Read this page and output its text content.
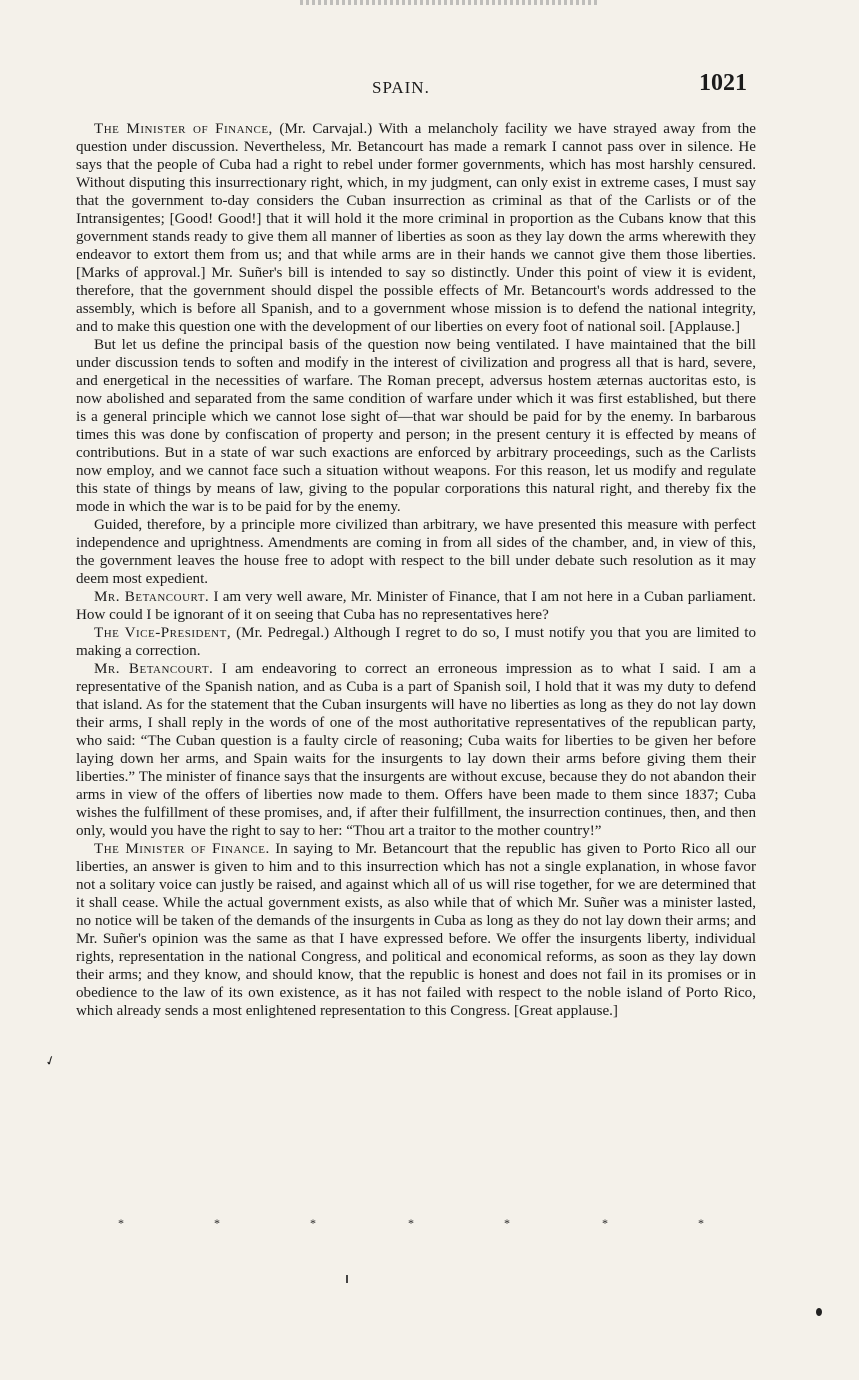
SPAIN.	1021

The Minister of Finance, (Mr. Carvajal.) With a melancholy facility we have strayed away from the question under discussion. Nevertheless, Mr. Betancourt has made a remark I cannot pass over in silence. He says that the people of Cuba had a right to rebel under former governments, which has most harshly censured. Without disputing this insurrectionary right, which, in my judgment, can only exist in extreme cases, I must say that the government to-day considers the Cuban insurrection as criminal as that of the Carlists or of the Intransigentes; [Good! Good!] that it will hold it the more criminal in proportion as the Cubans know that this government stands ready to give them all manner of liberties as soon as they lay down the arms wherewith they endeavor to extort them from us; and that while arms are in their hands we cannot give them those liberties. [Marks of approval.] Mr. Suñer's bill is intended to say so distinctly. Under this point of view it is evident, therefore, that the government should dispel the possible effects of Mr. Betancourt's words addressed to the assembly, which is before all Spanish, and to a government whose mission is to defend the national integrity, and to make this question one with the development of our liberties on every foot of national soil. [Applause.]

But let us define the principal basis of the question now being ventilated. I have maintained that the bill under discussion tends to soften and modify in the interest of civilization and progress all that is hard, severe, and energetical in the necessities of warfare. The Roman precept, adversus hostem æternas auctoritas esto, is now abolished and separated from the same condition of warfare under which it was first established, but there is a general principle which we cannot lose sight of—that war should be paid for by the enemy. In barbarous times this was done by confiscation of property and person; in the present century it is effected by means of contributions. But in a state of war such exactions are enforced by arbitrary proceedings, such as the Carlists now employ, and we cannot face such a situation without weapons. For this reason, let us modify and regulate this state of things by means of law, giving to the popular corporations this natural right, and thereby fix the mode in which the war is to be paid for by the enemy.

Guided, therefore, by a principle more civilized than arbitrary, we have presented this measure with perfect independence and uprightness. Amendments are coming in from all sides of the chamber, and, in view of this, the government leaves the house free to adopt with respect to the bill under debate such resolution as it may deem most expedient.

Mr. Betancourt. I am very well aware, Mr. Minister of Finance, that I am not here in a Cuban parliament. How could I be ignorant of it on seeing that Cuba has no representatives here?

The Vice-President, (Mr. Pedregal.) Although I regret to do so, I must notify you that you are limited to making a correction.

Mr. Betancourt. I am endeavoring to correct an erroneous impression as to what I said. I am a representative of the Spanish nation, and as Cuba is a part of Spanish soil, I hold that it was my duty to defend that island. As for the statement that the Cuban insurgents will have no liberties as long as they do not lay down their arms, I shall reply in the words of one of the most authoritative representatives of the republican party, who said: “The Cuban question is a faulty circle of reasoning; Cuba waits for liberties to be given her before laying down her arms, and Spain waits for the insurgents to lay down their arms before giving them their liberties.” The minister of finance says that the insurgents are without excuse, because they do not abandon their arms in view of the offers of liberties now made to them. Offers have been made to them since 1837; Cuba wishes the fulfillment of these promises, and, if after their fulfillment, the insurrection continues, then, and then only, would you have the right to say to her: “Thou art a traitor to the mother country!”

The Minister of Finance. In saying to Mr. Betancourt that the republic has given to Porto Rico all our liberties, an answer is given to him and to this insurrection which has not a single explanation, in whose favor not a solitary voice can justly be raised, and against which all of us will rise together, for we are determined that it shall cease. While the actual government exists, as also while that of which Mr. Suñer was a minister lasted, no notice will be taken of the demands of the insurgents in Cuba as long as they do not lay down their arms; and Mr. Suñer's opinion was the same as that I have expressed before. We offer the insurgents liberty, individual rights, representation in the national Congress, and political and economical reforms, as soon as they lay down their arms; and they know, and should know, that the republic is honest and does not fail in its promises or in obedience to the law of its own existence, as it has not failed with respect to the noble island of Porto Rico, which already sends a most enlightened representation to this Congress. [Great applause.]

*	*	*	*	*	*	*
✓
